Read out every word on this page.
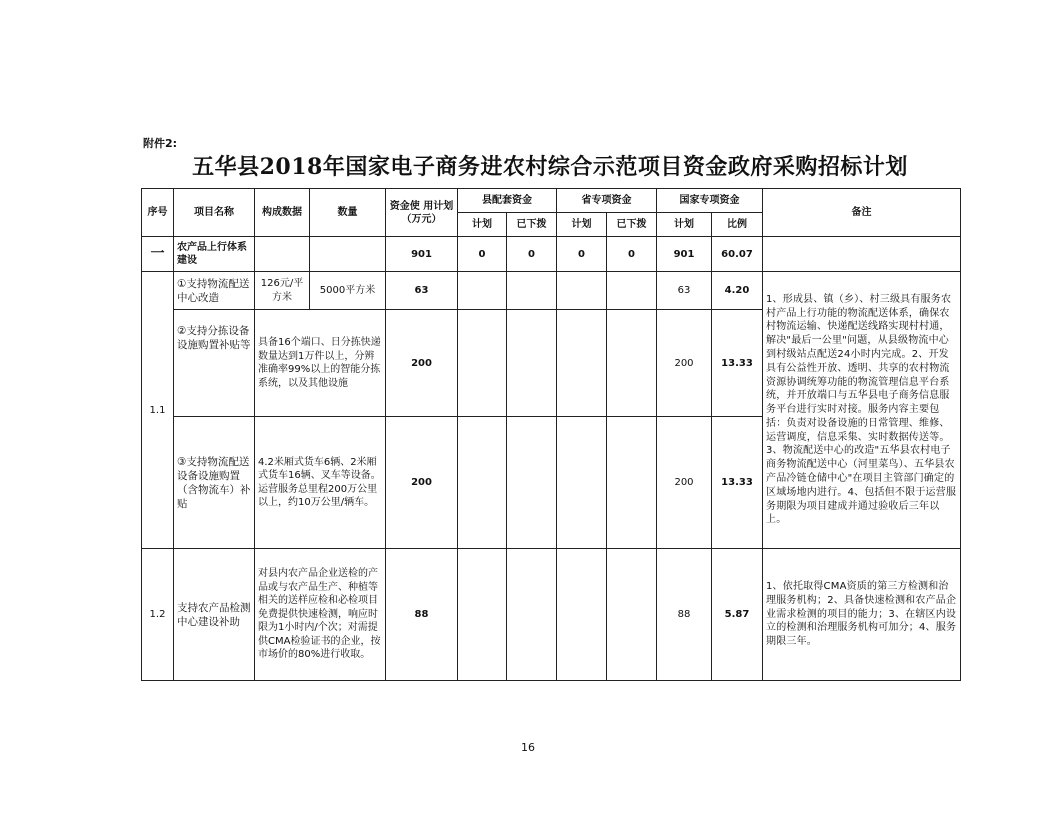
附件2:
五华县2018年国家电子商务进农村综合示范项目资金政府采购招标计划
序号	项目名称	构成数据	数量	资金使 用计划（万元）	县配套资金		省专项资金		国家专项资金		备注
					计划	已下拨	计划	已下拨	计划	比例	
一	农产品上行体系建设			901	0	0	0	0	901	60.07	
1.1	①支持物流配送中心改造	126元/平方米	5000平方米	63					63	4.20	1、形成县、镇（乡）、村三级具有服务农村产品上行功能的物流配送体系，确保农村物流运输、快递配送线路实现村村通，解决"最后一公里"问题，从县级物流中心到村级站点配送24小时内完成。2、开发具有公益性开放、透明、共享的农村物流资源协调统筹功能的物流管理信息平台系统，并开放端口与五华县电子商务信息服务平台进行实时对接。服务内容主要包括：负责对设备设施的日常管理、维修、运营调度，信息采集、实时数据传送等。3、物流配送中心的改造"五华县农村电子商务物流配送中心（河里菜鸟）、五华县农产品冷链仓储中心"在项目主管部门确定的区域场地内进行。4、包括但不限于运营服务期限为项目建成并通过验收后三年以上。
	②支持分拣设备设施购置补贴等	具备16个端口、日分拣快递数量达到1万件以上，分辨准确率99%以上的智能分拣系统，以及其他设施		200					200	13.33	
	③支持物流配送设备设施购置（含物流车）补贴	4.2米厢式货车6辆、2米厢式货车16辆、叉车等设备。运营服务总里程200万公里以上，约10万公里/辆车。		200					200	13.33	
1.2	支持农产品检测中心建设补助	对县内农产品企业送检的产品或与农产品生产、种植等相关的送样应检和必检项目免费提供快速检测，响应时限为1小时内/个次；对需提供CMA检验证书的企业，按市场价的80%进行收取。		88					88	5.87	1、依托取得CMA资质的第三方检测和治理服务机构；2、具备快速检测和农产品企业需求检测的项目的能力；3、在辖区内设立的检测和治理服务机构可加分；4、服务期限三年。
16
